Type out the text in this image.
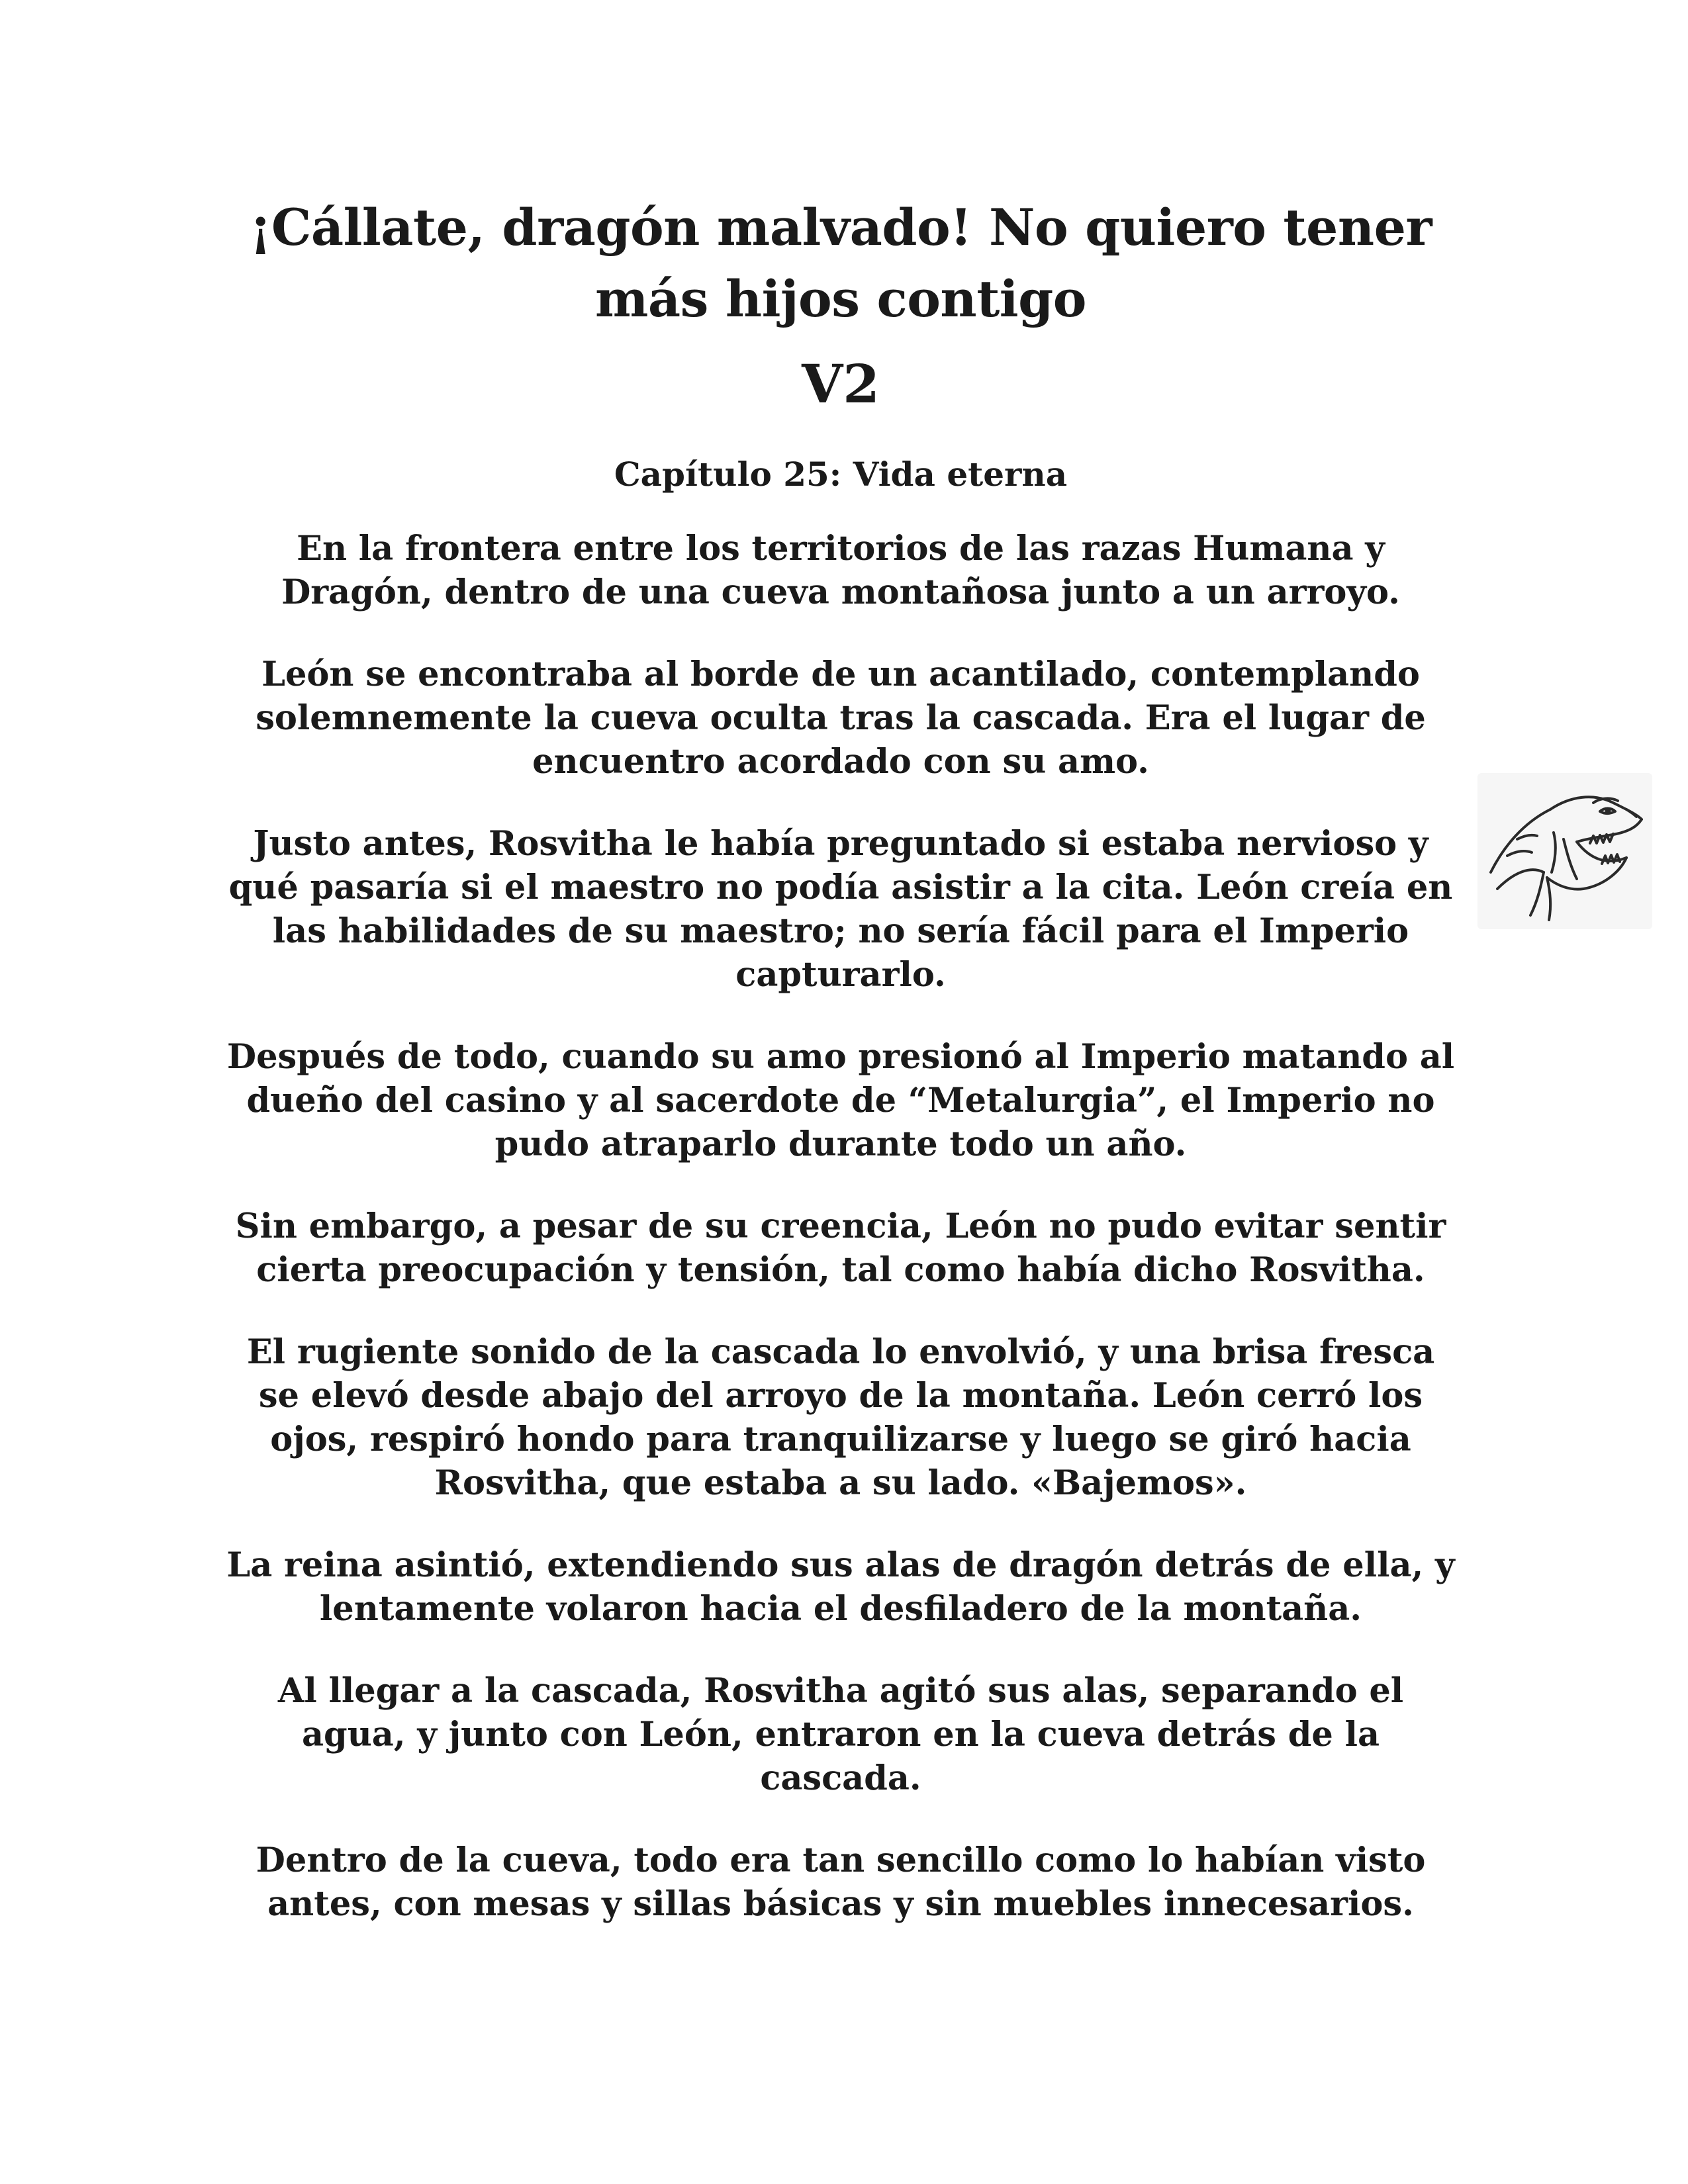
¡Cállate, dragón malvado! No quiero tener más hijos contigo
V2
Capítulo 25: Vida eterna

En la frontera entre los territorios de las razas Humana y Dragón, dentro de una cueva montañosa junto a un arroyo.

León se encontraba al borde de un acantilado, contemplando solemnemente la cueva oculta tras la cascada. Era el lugar de encuentro acordado con su amo.

Justo antes, Rosvitha le había preguntado si estaba nervioso y qué pasaría si el maestro no podía asistir a la cita. León creía en las habilidades de su maestro; no sería fácil para el Imperio capturarlo.

Después de todo, cuando su amo presionó al Imperio matando al dueño del casino y al sacerdote de “Metalurgia”, el Imperio no pudo atraparlo durante todo un año.

Sin embargo, a pesar de su creencia, León no pudo evitar sentir cierta preocupación y tensión, tal como había dicho Rosvitha.

El rugiente sonido de la cascada lo envolvió, y una brisa fresca se elevó desde abajo del arroyo de la montaña. León cerró los ojos, respiró hondo para tranquilizarse y luego se giró hacia Rosvitha, que estaba a su lado. «Bajemos».

La reina asintió, extendiendo sus alas de dragón detrás de ella, y lentamente volaron hacia el desfiladero de la montaña.

Al llegar a la cascada, Rosvitha agitó sus alas, separando el agua, y junto con León, entraron en la cueva detrás de la cascada.

Dentro de la cueva, todo era tan sencillo como lo habían visto antes, con mesas y sillas básicas y sin muebles innecesarios.
